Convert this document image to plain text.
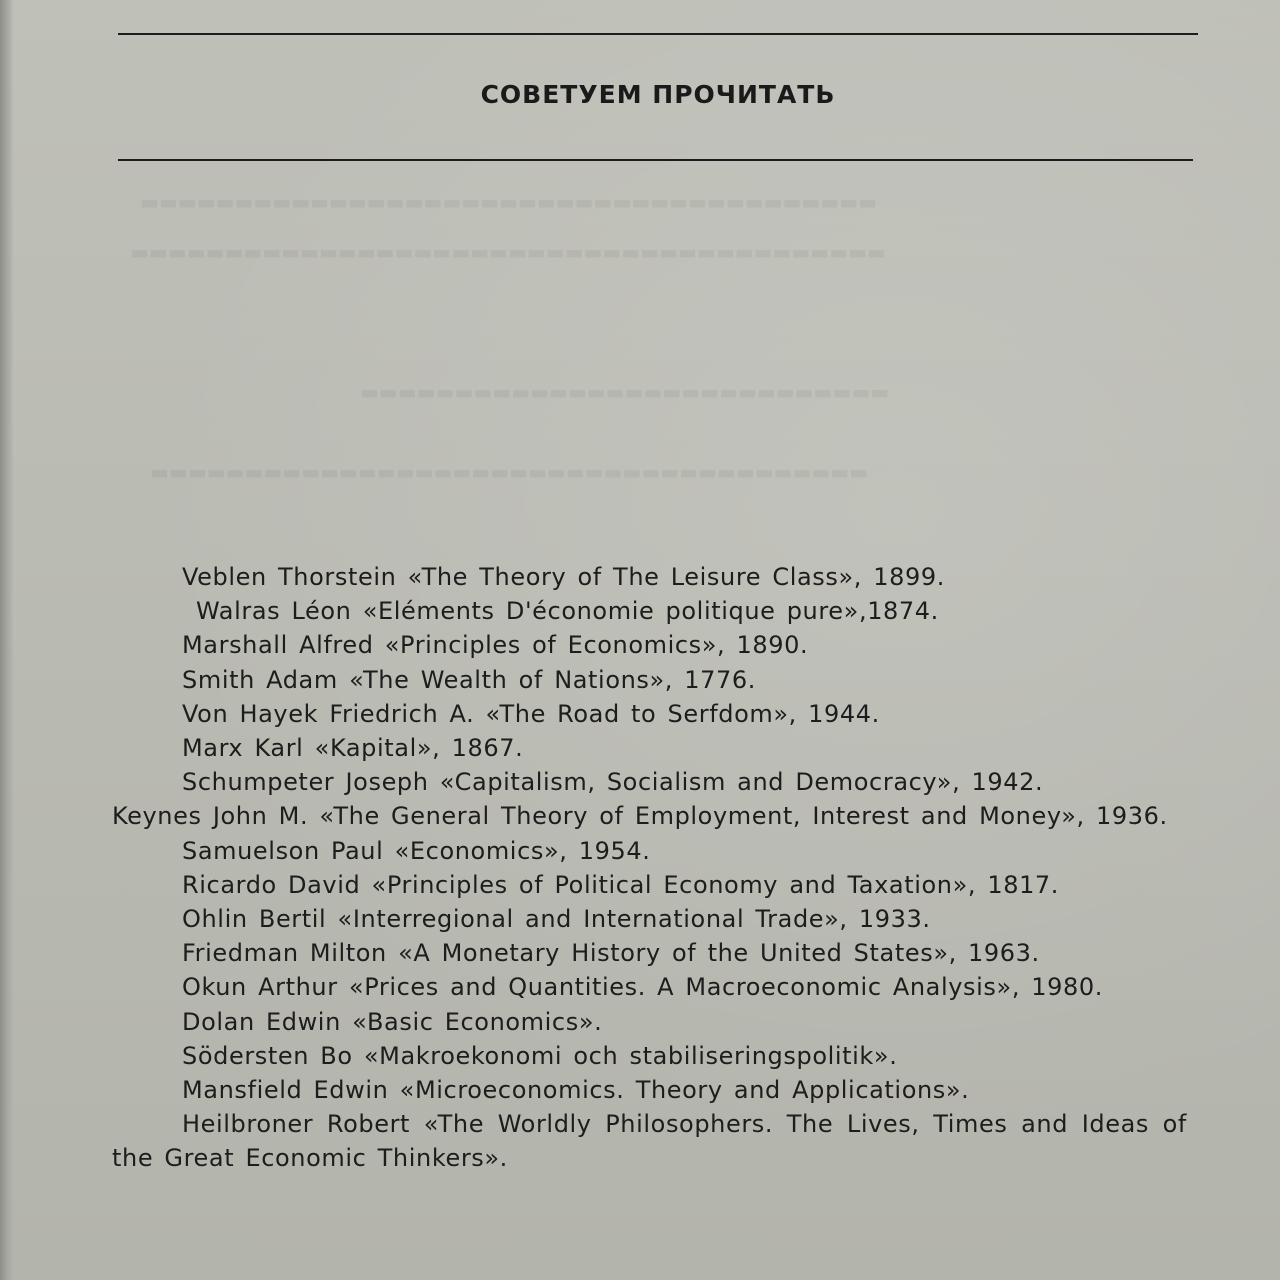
▬▬▬▬▬▬▬▬▬▬▬▬▬▬▬▬▬▬▬▬▬▬▬▬▬▬▬▬▬▬▬▬▬▬▬▬▬▬▬
▬▬▬▬▬▬▬▬▬▬▬▬▬▬▬▬▬▬▬▬▬▬▬▬▬▬▬▬▬▬▬▬▬▬▬▬▬▬▬▬
▬▬▬▬▬▬▬▬▬▬▬▬▬▬▬▬▬▬▬▬▬▬▬▬▬▬▬▬
▬▬▬▬▬▬▬▬▬▬▬▬▬▬▬▬▬▬▬▬▬▬▬▬▬▬▬▬▬▬▬▬▬▬▬▬▬▬
СОВЕТУЕМ ПРОЧИТАТЬ
Veblen Thorstein «The Theory of The Leisure Class», 1899.
Walras Léon «Eléments D'économie politique pure»,1874.
Marshall Alfred «Principles of Economics», 1890.
Smith Adam «The Wealth of Nations», 1776.
Von Hayek Friedrich A. «The Road to Serfdom», 1944.
Marx Karl «Kapital», 1867.
Schumpeter Joseph «Capitalism, Socialism and Democracy», 1942.
Keynes John M. «The General Theory of Employment, Interest and Money», 1936.
Samuelson Paul «Economics», 1954.
Ricardo David «Principles of Political Economy and Taxation», 1817.
Ohlin Bertil «Interregional and International Trade», 1933.
Friedman Milton «A Monetary History of the United States», 1963.
Okun Arthur «Prices and Quantities. A Macroeconomic Analysis», 1980.
Dolan Edwin «Basic Economics».
Södersten Bo «Makroekonomi och stabiliseringspolitik».
Mansfield Edwin «Microeconomics. Theory and Applications».
Heilbroner Robert «The Worldly Philosophers. The Lives, Times and Ideas of the Great Economic Thinkers».
